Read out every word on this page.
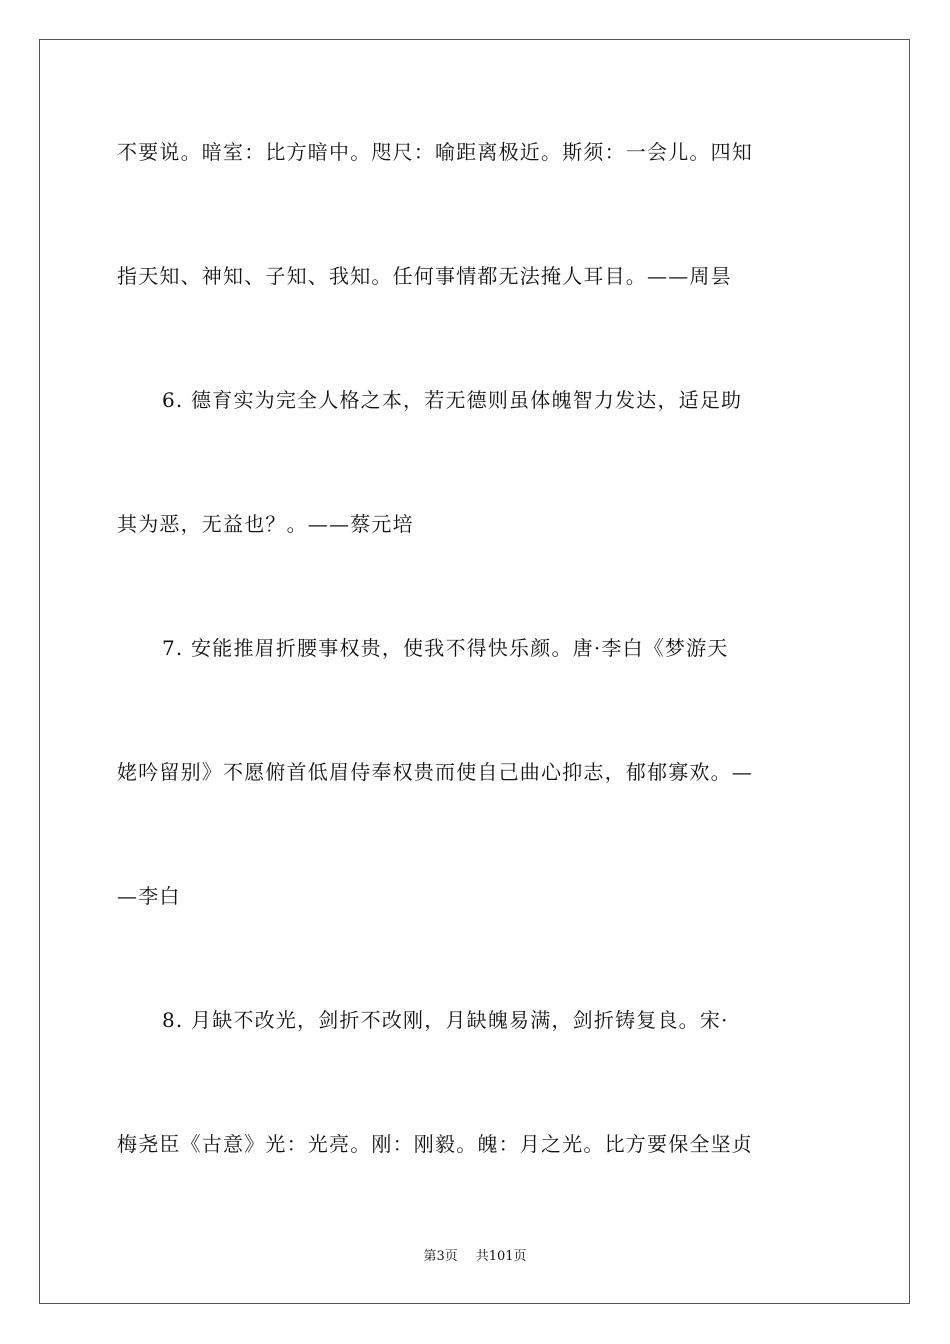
不要说。暗室：比方暗中。咫尺：喻距离极近。斯须：一会儿。四知

指天知、神知、子知、我知。任何事情都无法掩人耳目。——周昙

6. 德育实为完全人格之本，若无德则虽体魄智力发达，适足助

其为恶，无益也？。——蔡元培

7. 安能推眉折腰事权贵，使我不得快乐颜。唐·李白《梦游天

姥吟留别》不愿俯首低眉侍奉权贵而使自己曲心抑志，郁郁寡欢。—

—李白

8. 月缺不改光，剑折不改刚，月缺魄易满，剑折铸复良。宋·

梅尧臣《古意》光：光亮。刚：刚毅。魄：月之光。比方要保全坚贞

第3页 共101页
